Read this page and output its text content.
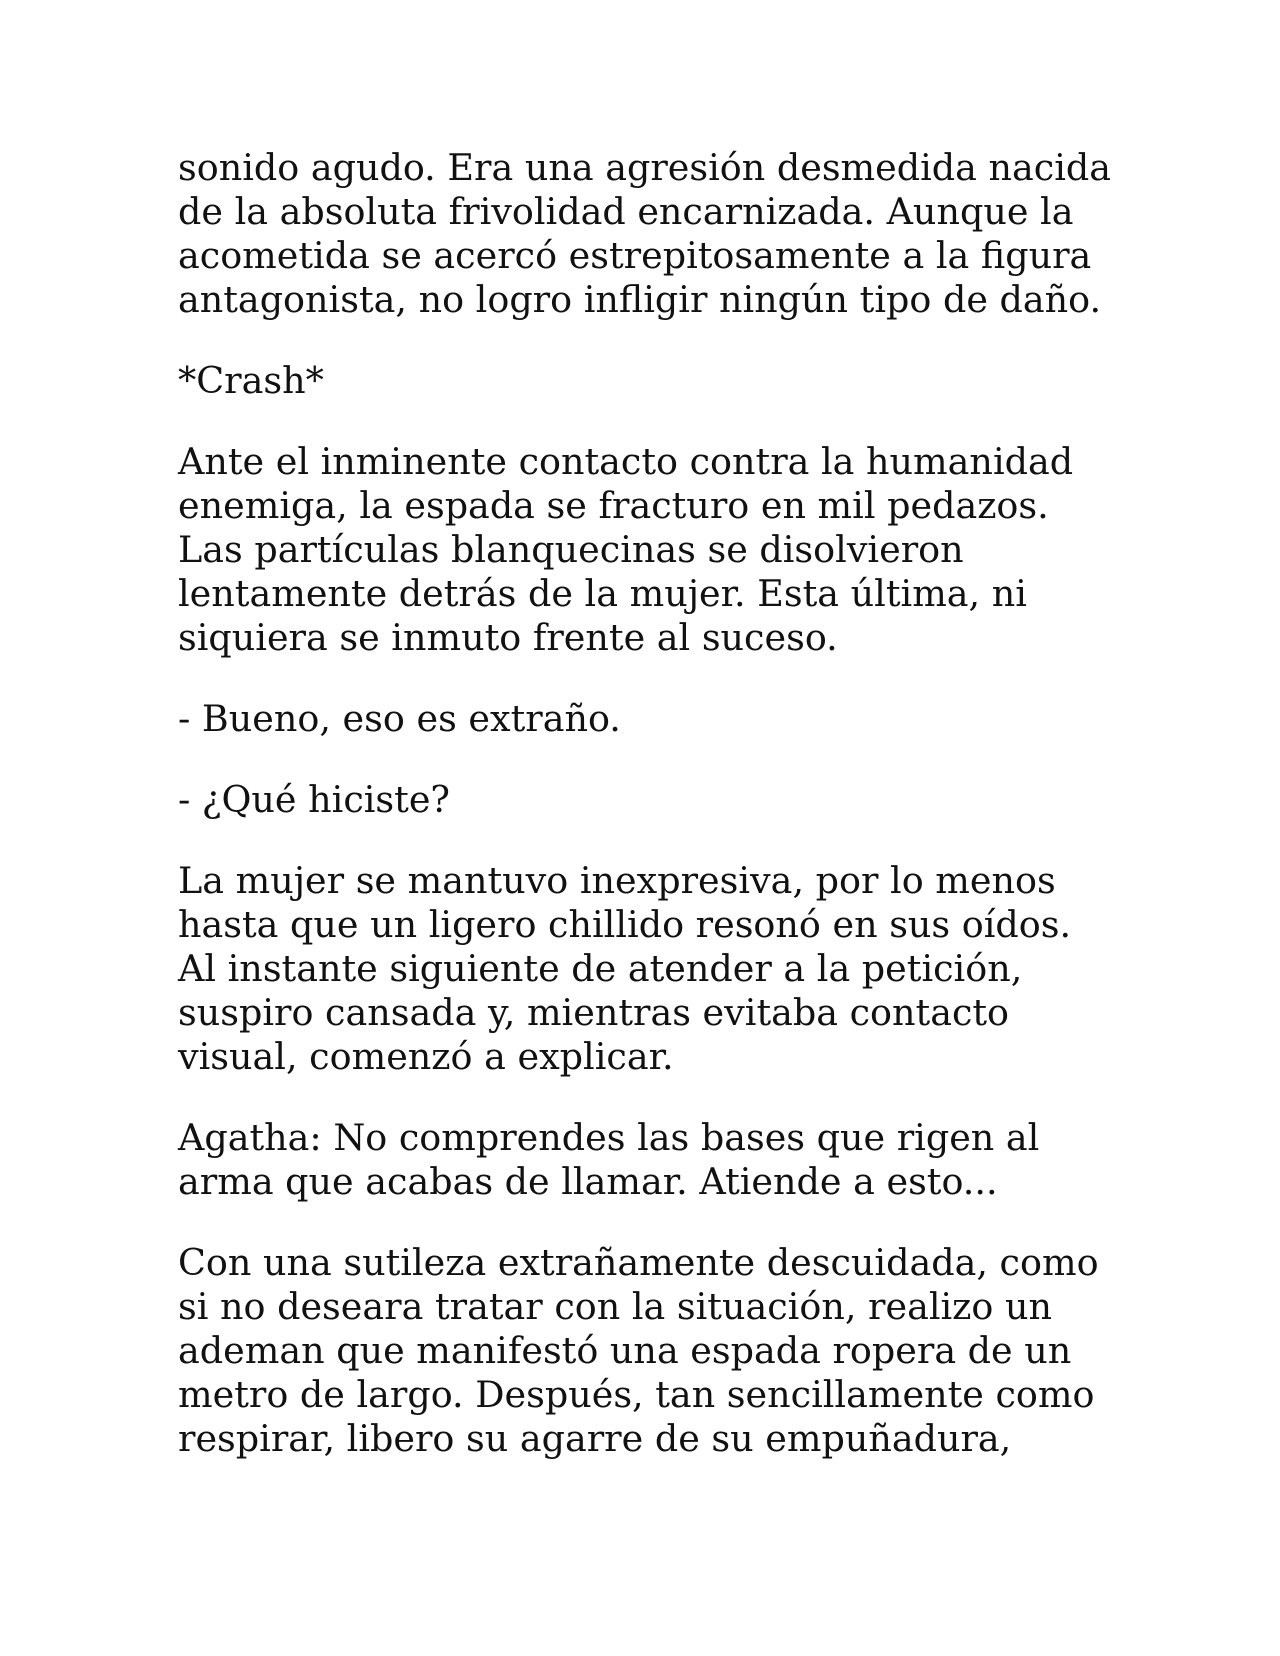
sonido agudo. Era una agresión desmedida nacida
de la absoluta frivolidad encarnizada. Aunque la
acometida se acercó estrepitosamente a la figura
antagonista, no logro infligir ningún tipo de daño.

*Crash*

Ante el inminente contacto contra la humanidad
enemiga, la espada se fracturo en mil pedazos.
Las partículas blanquecinas se disolvieron
lentamente detrás de la mujer. Esta última, ni
siquiera se inmuto frente al suceso.

- Bueno, eso es extraño.

- ¿Qué hiciste?

La mujer se mantuvo inexpresiva, por lo menos
hasta que un ligero chillido resonó en sus oídos.
Al instante siguiente de atender a la petición,
suspiro cansada y, mientras evitaba contacto
visual, comenzó a explicar.

Agatha: No comprendes las bases que rigen al
arma que acabas de llamar. Atiende a esto...

Con una sutileza extrañamente descuidada, como
si no deseara tratar con la situación, realizo un
ademan que manifestó una espada ropera de un
metro de largo. Después, tan sencillamente como
respirar, libero su agarre de su empuñadura,
